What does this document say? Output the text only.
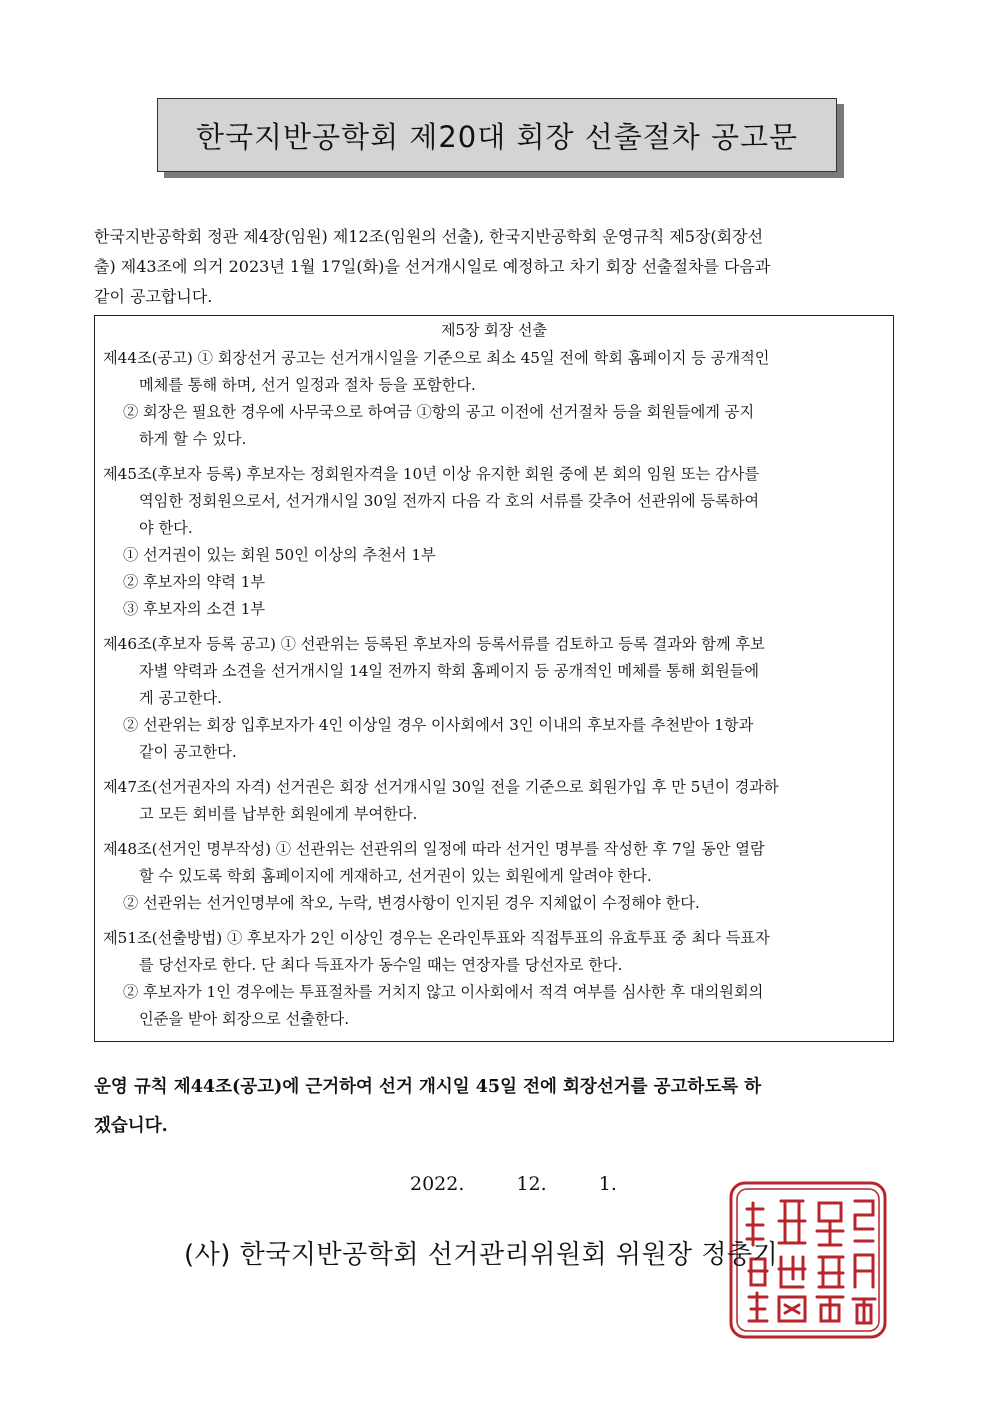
한국지반공학회 제20대 회장 선출절차 공고문
한국지반공학회 정관 제4장(임원) 제12조(임원의 선출), 한국지반공학회 운영규칙 제5장(회장선
출) 제43조에 의거 2023년 1월 17일(화)을 선거개시일로 예정하고 차기 회장 선출절차를 다음과
같이 공고합니다.
제5장 회장 선출
제44조(공고) ① 회장선거 공고는 선거개시일을 기준으로 최소 45일 전에 학회 홈페이지 등 공개적인
메체를 통해 하며, 선거 일정과 절차 등을 포함한다.
② 회장은 필요한 경우에 사무국으로 하여금 ①항의 공고 이전에 선거절차 등을 회원들에게 공지
하게 할 수 있다.
제45조(후보자 등록) 후보자는 정회원자격을 10년 이상 유지한 회원 중에 본 회의 임원 또는 감사를
역임한 정회원으로서, 선거개시일 30일 전까지 다음 각 호의 서류를 갖추어 선관위에 등록하여
야 한다.
① 선거권이 있는 회원 50인 이상의 추천서 1부
② 후보자의 약력 1부
③ 후보자의 소견 1부
제46조(후보자 등록 공고) ① 선관위는 등록된 후보자의 등록서류를 검토하고 등록 결과와 함께 후보
자별 약력과 소견을 선거개시일 14일 전까지 학회 홈페이지 등 공개적인 메체를 통해 회원들에
게 공고한다.
② 선관위는 회장 입후보자가 4인 이상일 경우 이사회에서 3인 이내의 후보자를 추천받아 1항과
같이 공고한다.
제47조(선거권자의 자격) 선거권은 회장 선거개시일 30일 전을 기준으로 회원가입 후 만 5년이 경과하
고 모든 회비를 납부한 회원에게 부여한다.
제48조(선거인 명부작성) ① 선관위는 선관위의 일정에 따라 선거인 명부를 작성한 후 7일 동안 열람
할 수 있도록 학회 홈페이지에 게재하고, 선거권이 있는 회원에게 알려야 한다.
② 선관위는 선거인명부에 착오, 누락, 변경사항이 인지된 경우 지체없이 수정해야 한다.
제51조(선출방법) ① 후보자가 2인 이상인 경우는 온라인투표와 직접투표의 유효투표 중 최다 득표자
를 당선자로 한다. 단 최다 득표자가 동수일 때는 연장자를 당선자로 한다.
② 후보자가 1인 경우에는 투표절차를 거치지 않고 이사회에서 적격 여부를 심사한 후 대의원회의
인준을 받아 회장으로 선출한다.
운영 규칙 제44조(공고)에 근거하여 선거 개시일 45일 전에 회장선거를 공고하도록 하
겠습니다.
2022.  12.  1.
(사) 한국지반공학회 선거관리위원회 위원장 정충기
